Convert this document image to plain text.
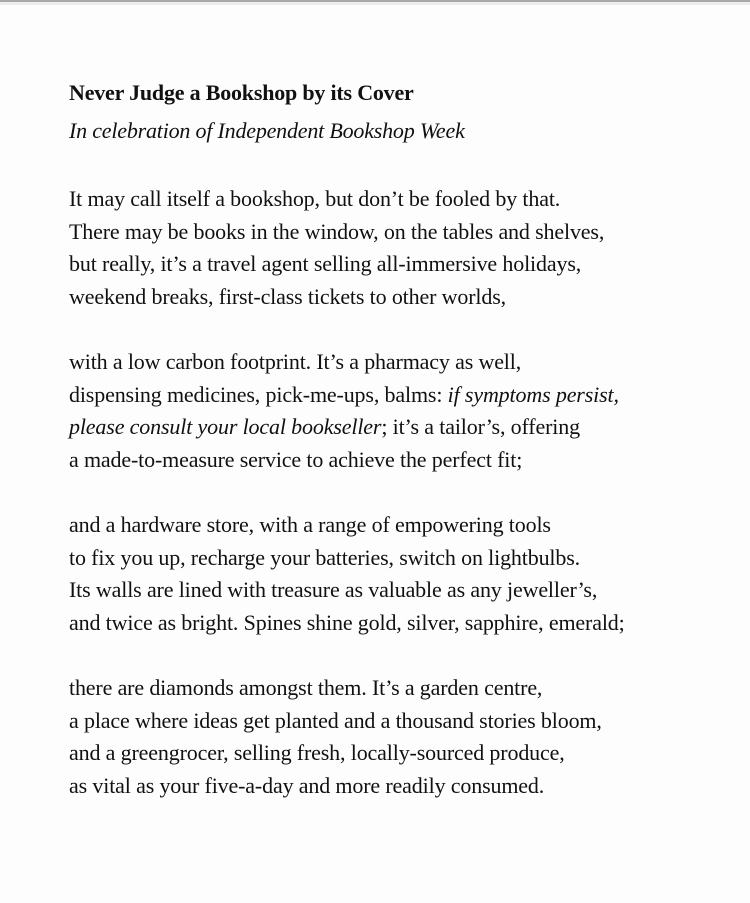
Never Judge a Bookshop by its Cover
In celebration of Independent Bookshop Week
It may call itself a bookshop, but don’t be fooled by that.
There may be books in the window, on the tables and shelves,
but really, it’s a travel agent selling all-immersive holidays,
weekend breaks, first-class tickets to other worlds,
with a low carbon footprint. It’s a pharmacy as well,
dispensing medicines, pick-me-ups, balms: if symptoms persist,
please consult your local bookseller; it’s a tailor’s, offering
a made-to-measure service to achieve the perfect fit;
and a hardware store, with a range of empowering tools
to fix you up, recharge your batteries, switch on lightbulbs.
Its walls are lined with treasure as valuable as any jeweller’s,
and twice as bright. Spines shine gold, silver, sapphire, emerald;
there are diamonds amongst them. It’s a garden centre,
a place where ideas get planted and a thousand stories bloom,
and a greengrocer, selling fresh, locally-sourced produce,
as vital as your five-a-day and more readily consumed.
